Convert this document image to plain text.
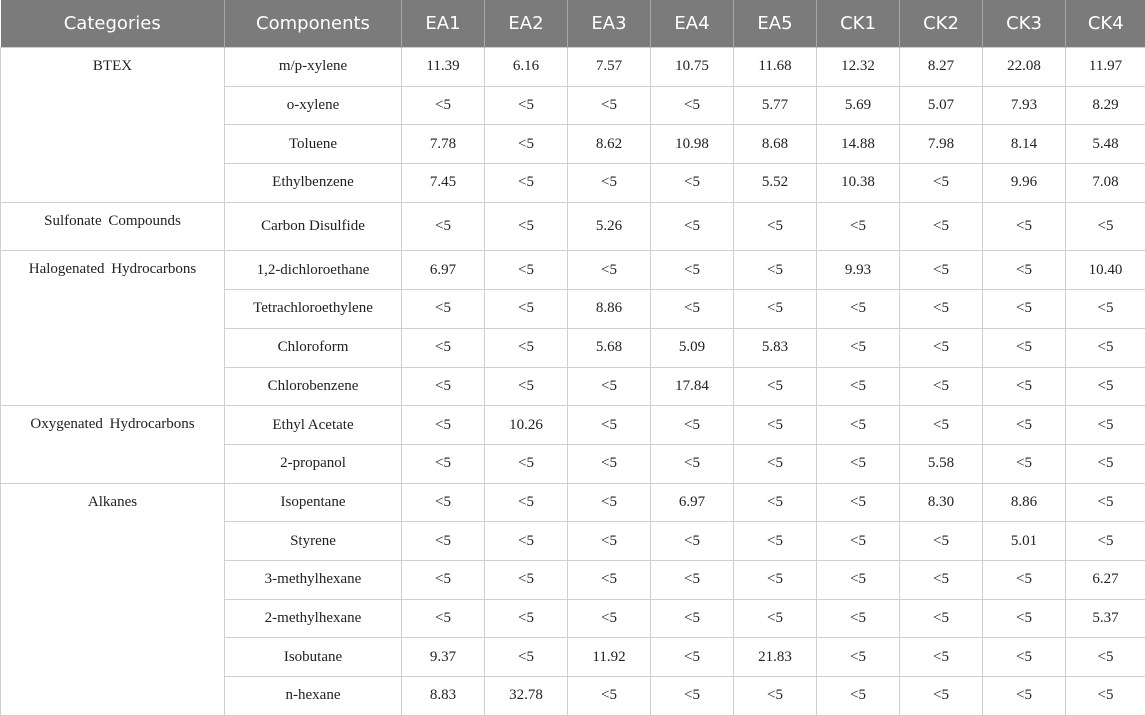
Categories	Components	EA1	EA2	EA3	EA4	EA5	CK1	CK2	CK3	CK4
BTEX	m/p-xylene	11.39	6.16	7.57	10.75	11.68	12.32	8.27	22.08	11.97
	o-xylene	<5	<5	<5	<5	5.77	5.69	5.07	7.93	8.29
	Toluene	7.78	<5	8.62	10.98	8.68	14.88	7.98	8.14	5.48
	Ethylbenzene	7.45	<5	<5	<5	5.52	10.38	<5	9.96	7.08
Sulfonate Compounds	Carbon Disulfide	<5	<5	5.26	<5	<5	<5	<5	<5	<5
Halogenated Hydrocarbons	1,2-dichloroethane	6.97	<5	<5	<5	<5	9.93	<5	<5	10.40
	Tetrachloroethylene	<5	<5	8.86	<5	<5	<5	<5	<5	<5
	Chloroform	<5	<5	5.68	5.09	5.83	<5	<5	<5	<5
	Chlorobenzene	<5	<5	<5	17.84	<5	<5	<5	<5	<5
Oxygenated Hydrocarbons	Ethyl Acetate	<5	10.26	<5	<5	<5	<5	<5	<5	<5
	2-propanol	<5	<5	<5	<5	<5	<5	5.58	<5	<5
Alkanes	Isopentane	<5	<5	<5	6.97	<5	<5	8.30	8.86	<5
	Styrene	<5	<5	<5	<5	<5	<5	<5	5.01	<5
	3-methylhexane	<5	<5	<5	<5	<5	<5	<5	<5	6.27
	2-methylhexane	<5	<5	<5	<5	<5	<5	<5	<5	5.37
	Isobutane	9.37	<5	11.92	<5	21.83	<5	<5	<5	<5
	n-hexane	8.83	32.78	<5	<5	<5	<5	<5	<5	<5
